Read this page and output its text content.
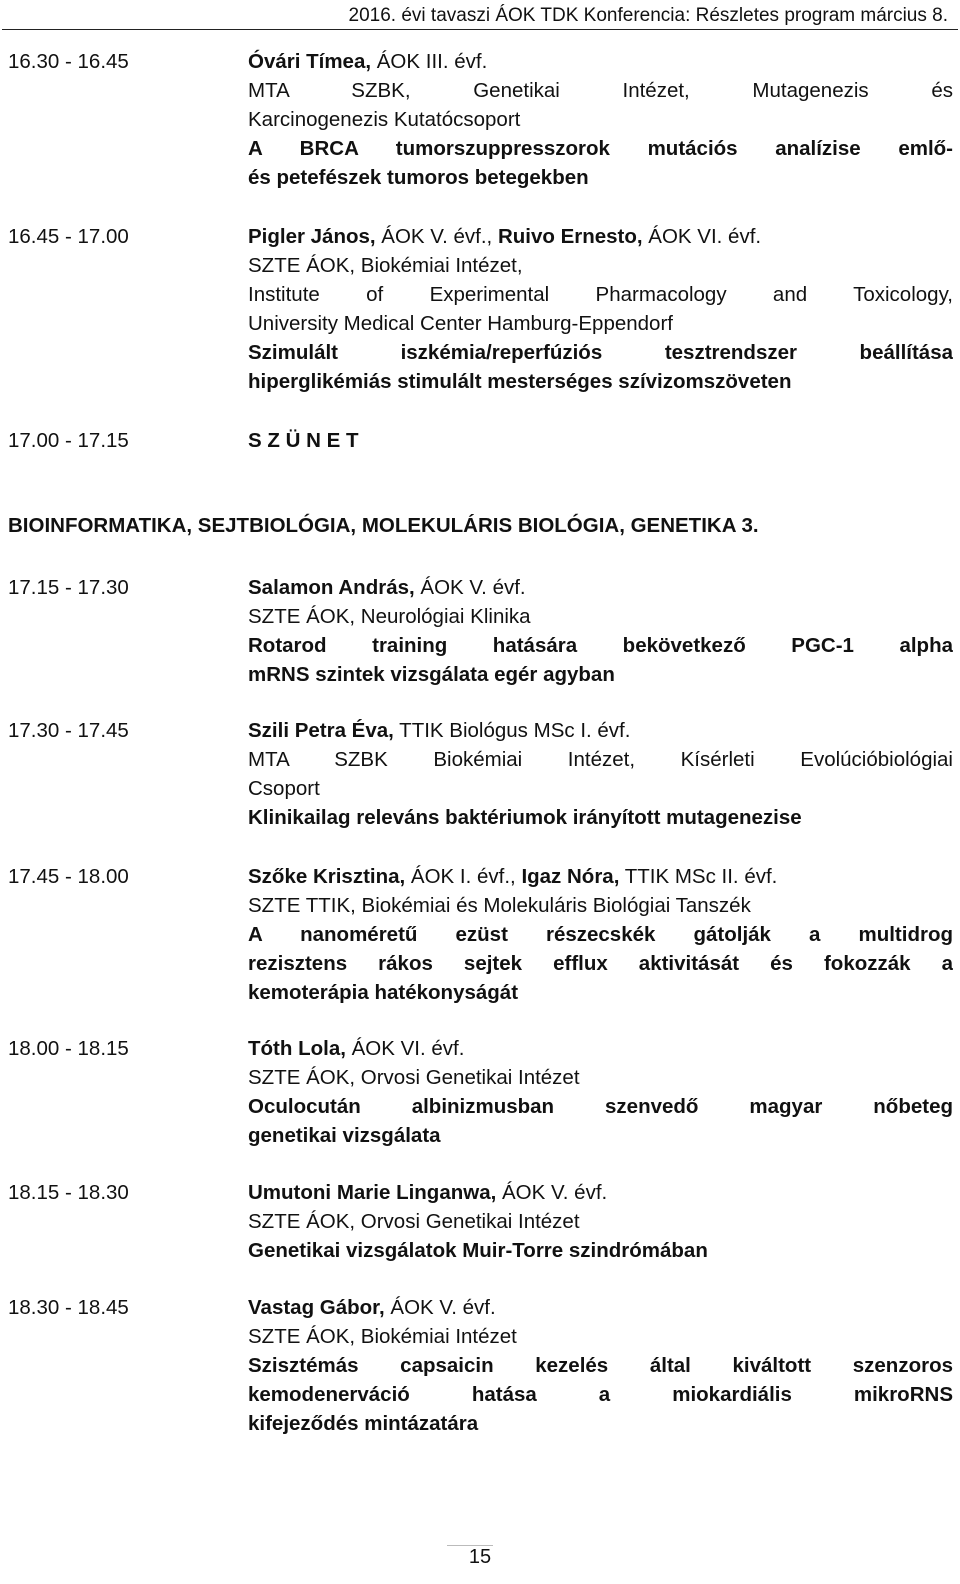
2016. évi tavaszi ÁOK TDK Konferencia: Részletes program március 8.
16.30 - 16.45	Óvári Tímea, ÁOK III. évf.
MTA SZBK, Genetikai Intézet, Mutagenezis és
Karcinogenezis Kutatócsoport
A BRCA tumorszuppresszorok mutációs analízise emlő-
és petefészek tumoros betegekben
16.45 - 17.00	Pigler János, ÁOK V. évf., Ruivo Ernesto, ÁOK VI. évf.
SZTE ÁOK, Biokémiai Intézet,
Institute of Experimental Pharmacology and Toxicology,
University Medical Center Hamburg-Eppendorf
Szimulált iszkémia/reperfúziós tesztrendszer beállítása
hiperglikémiás stimulált mesterséges szívizomszöveten
17.00 - 17.15	S Z Ü N E T
BIOINFORMATIKA, SEJTBIOLÓGIA, MOLEKULÁRIS BIOLÓGIA, GENETIKA 3.
17.15 - 17.30	Salamon András, ÁOK V. évf.
SZTE ÁOK, Neurológiai Klinika
Rotarod training hatására bekövetkező PGC-1 alpha
mRNS szintek vizsgálata egér agyban
17.30 - 17.45	Szili Petra Éva, TTIK Biológus MSc I. évf.
MTA SZBK Biokémiai Intézet, Kísérleti Evolúcióbiológiai
Csoport
Klinikailag releváns baktériumok irányított mutagenezise
17.45 - 18.00	Szőke Krisztina, ÁOK I. évf., Igaz Nóra, TTIK MSc II. évf.
SZTE TTIK, Biokémiai és Molekuláris Biológiai Tanszék
A nanoméretű ezüst részecskék gátolják a multidrog
rezisztens rákos sejtek efflux aktivitását és fokozzák a
kemoterápia hatékonyságát
18.00 - 18.15	Tóth Lola, ÁOK VI. évf.
SZTE ÁOK, Orvosi Genetikai Intézet
Oculocután albinizmusban szenvedő magyar nőbeteg
genetikai vizsgálata
18.15 - 18.30	Umutoni Marie Linganwa, ÁOK V. évf.
SZTE ÁOK, Orvosi Genetikai Intézet
Genetikai vizsgálatok Muir-Torre szindrómában
18.30 - 18.45	Vastag Gábor, ÁOK V. évf.
SZTE ÁOK, Biokémiai Intézet
Szisztémás capsaicin kezelés által kiváltott szenzoros
kemodenerváció hatása a miokardiális mikroRNS
kifejeződés mintázatára
15
